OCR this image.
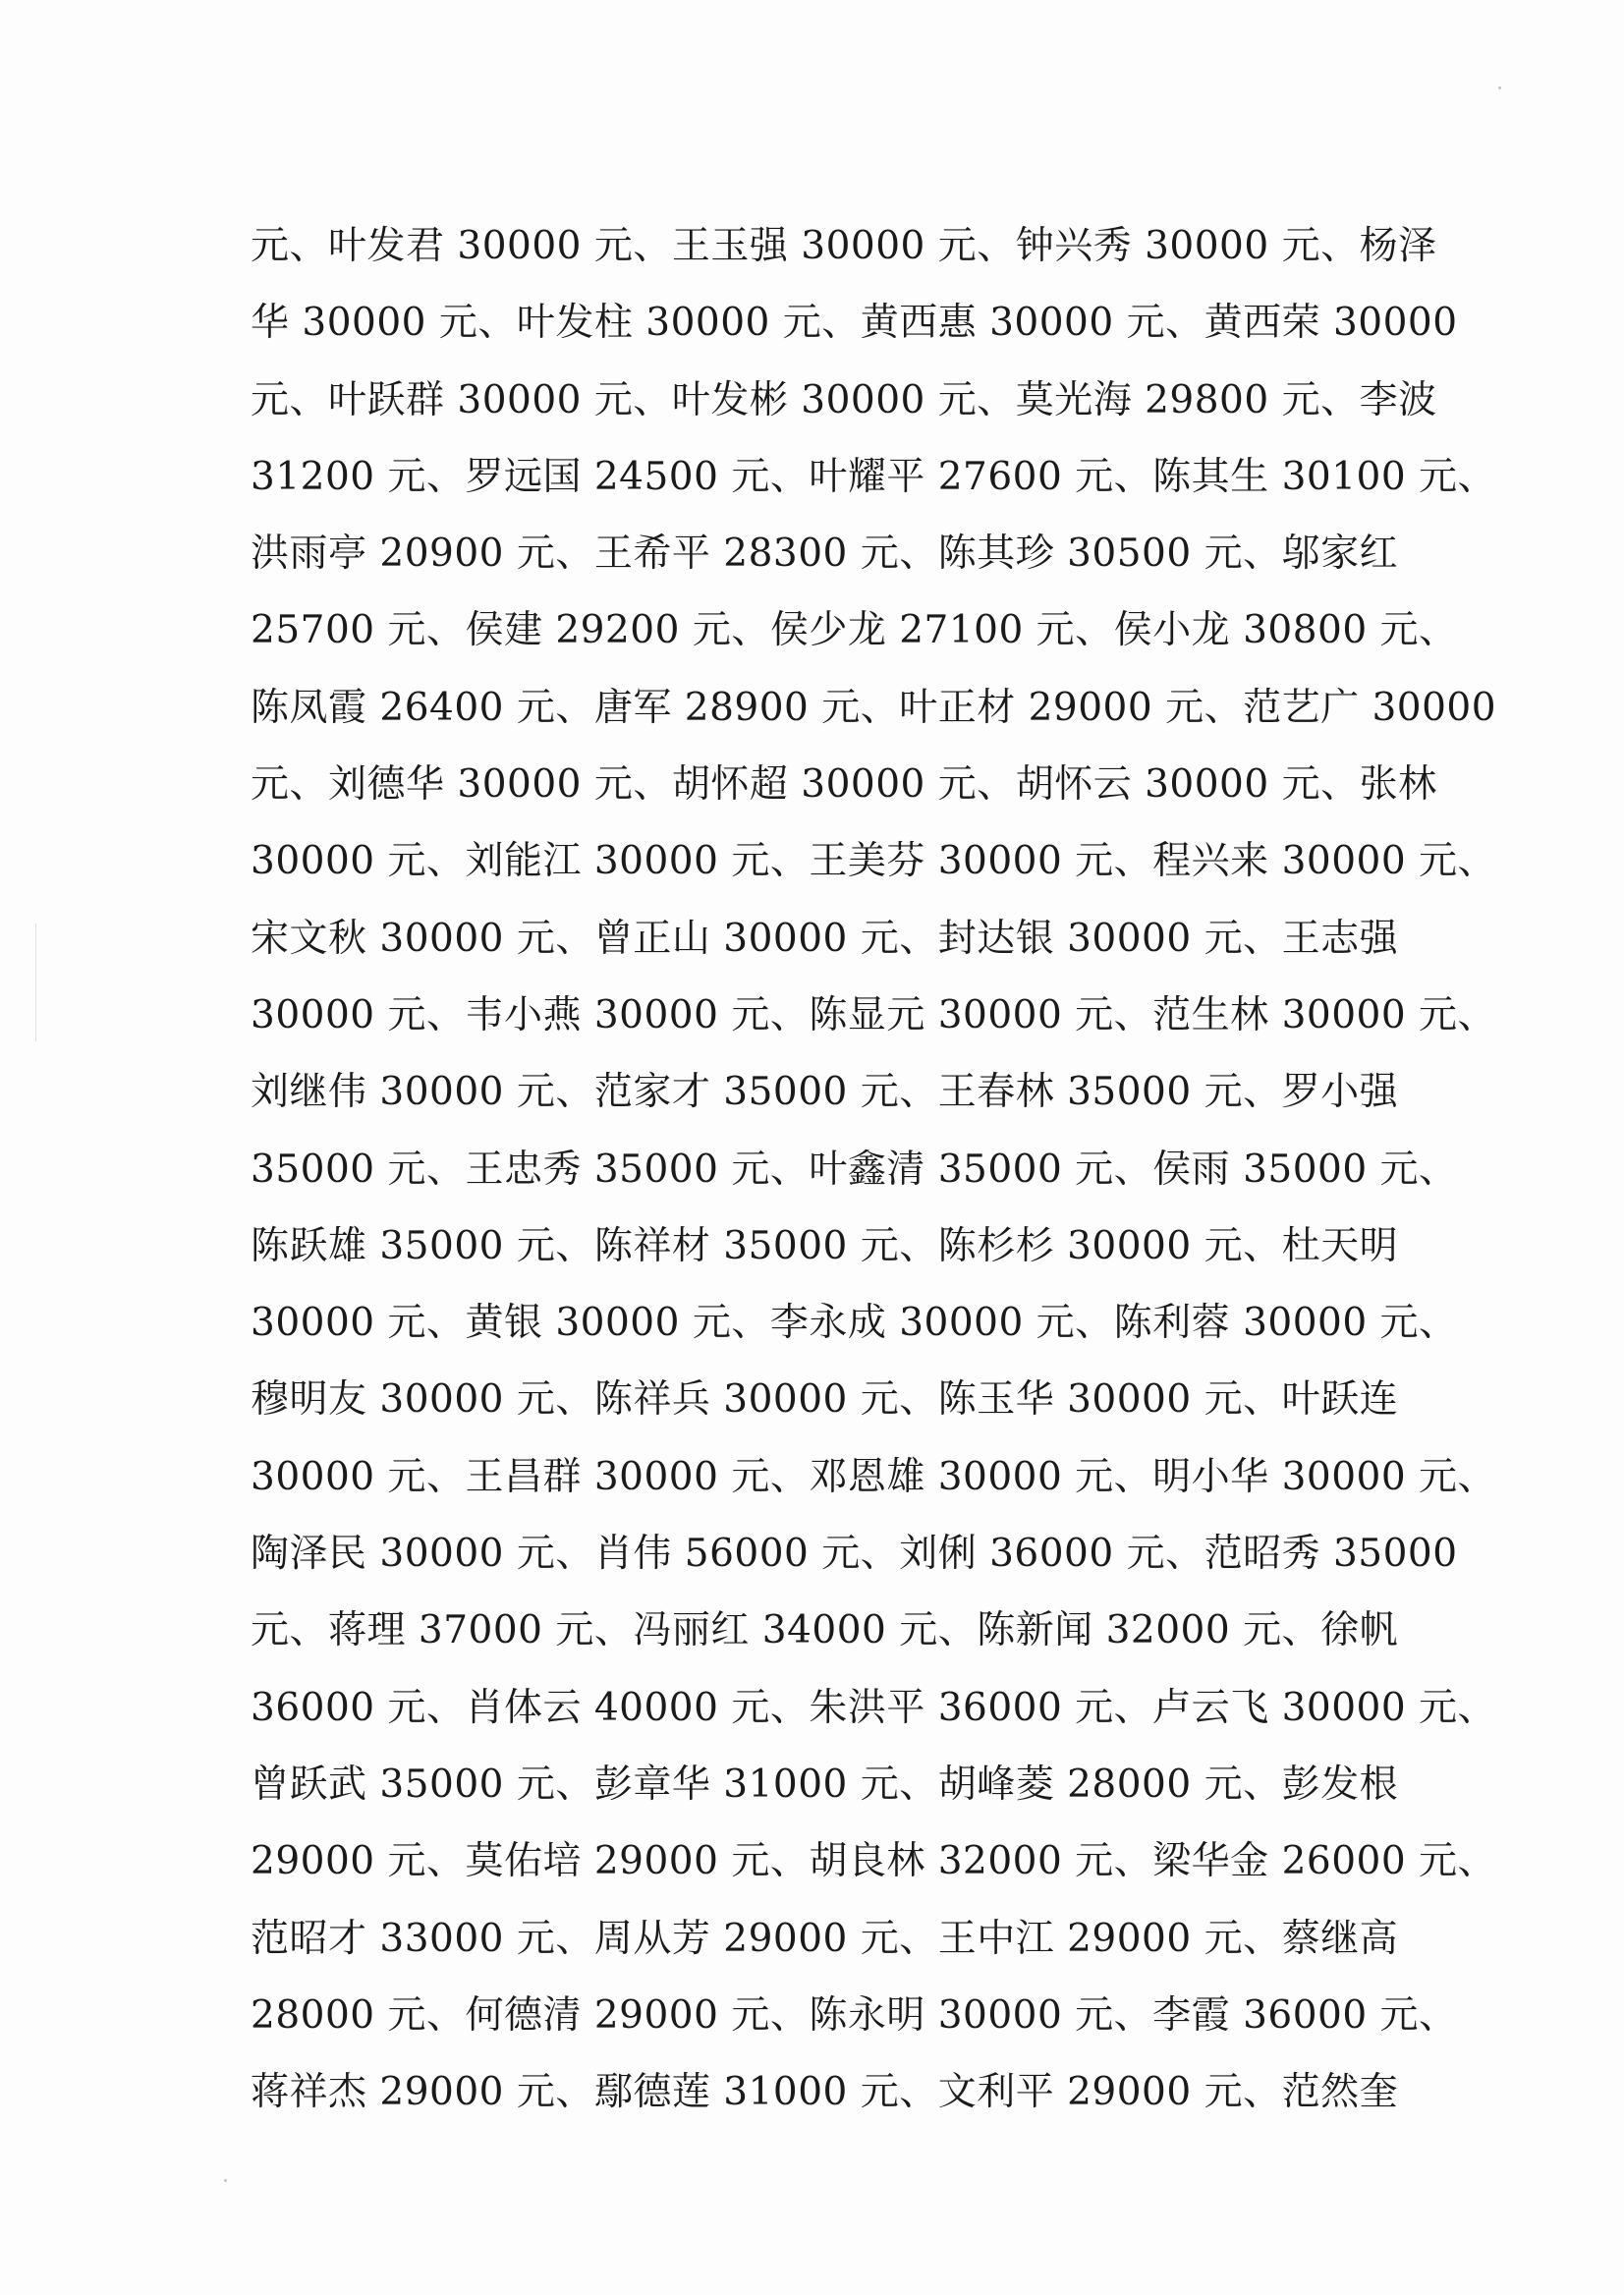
元、叶发君 30000 元、王玉强 30000 元、钟兴秀 30000 元、杨泽
华 30000 元、叶发柱 30000 元、黄西惠 30000 元、黄西荣 30000
元、叶跃群 30000 元、叶发彬 30000 元、莫光海 29800 元、李波
31200 元、罗远国 24500 元、叶耀平 27600 元、陈其生 30100 元、
洪雨亭 20900 元、王希平 28300 元、陈其珍 30500 元、邬家红
25700 元、侯建 29200 元、侯少龙 27100 元、侯小龙 30800 元、
陈凤霞 26400 元、唐军 28900 元、叶正材 29000 元、范艺广 30000
元、刘德华 30000 元、胡怀超 30000 元、胡怀云 30000 元、张林
30000 元、刘能江 30000 元、王美芬 30000 元、程兴来 30000 元、
宋文秋 30000 元、曾正山 30000 元、封达银 30000 元、王志强
30000 元、韦小燕 30000 元、陈显元 30000 元、范生林 30000 元、
刘继伟 30000 元、范家才 35000 元、王春林 35000 元、罗小强
35000 元、王忠秀 35000 元、叶鑫清 35000 元、侯雨 35000 元、
陈跃雄 35000 元、陈祥材 35000 元、陈杉杉 30000 元、杜天明
30000 元、黄银 30000 元、李永成 30000 元、陈利蓉 30000 元、
穆明友 30000 元、陈祥兵 30000 元、陈玉华 30000 元、叶跃连
30000 元、王昌群 30000 元、邓恩雄 30000 元、明小华 30000 元、
陶泽民 30000 元、肖伟 56000 元、刘俐 36000 元、范昭秀 35000
元、蒋理 37000 元、冯丽红 34000 元、陈新闻 32000 元、徐帆
36000 元、肖体云 40000 元、朱洪平 36000 元、卢云飞 30000 元、
曾跃武 35000 元、彭章华 31000 元、胡峰菱 28000 元、彭发根
29000 元、莫佑培 29000 元、胡良林 32000 元、梁华金 26000 元、
范昭才 33000 元、周从芳 29000 元、王中江 29000 元、蔡继高
28000 元、何德清 29000 元、陈永明 30000 元、李霞 36000 元、
蒋祥杰 29000 元、鄢德莲 31000 元、文利平 29000 元、范然奎
